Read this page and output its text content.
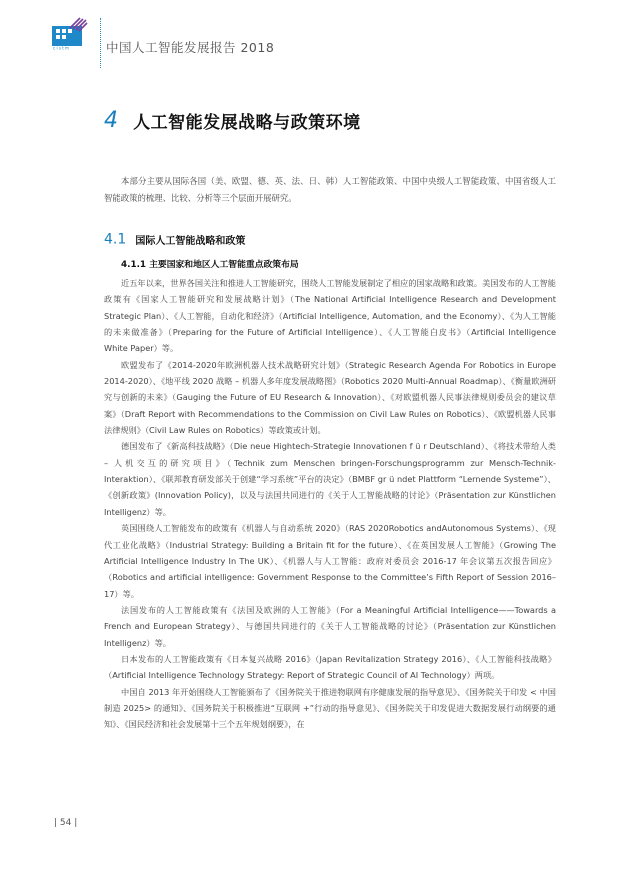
c i s t m	中国人工智能发展报告 2018
4 人工智能发展战略与政策环境

本部分主要从国际各国（美、欧盟、德、英、法、日、韩）人工智能政策、中国中央级人工智能政策、中国省级人工智能政策的梳理、比较、分析等三个层面开展研究。

4.1 国际人工智能战略和政策
4.1.1 主要国家和地区人工智能重点政策布局

近五年以来，世界各国关注和推进人工智能研究，围绕人工智能发展制定了相应的国家战略和政策。美国发布的人工智能政策有《国家人工智能研究和发展战略计划》（The National Artificial Intelligence Research and Development Strategic Plan）、《人工智能，自动化和经济》（Artificial Intelligence, Automation, and the Economy）、《为人工智能的未来做准备》（Preparing for the Future of Artificial Intelligence）、《人工智能白皮书》（Artificial Intelligence White Paper）等。

欧盟发布了《2014-2020年欧洲机器人技术战略研究计划》（Strategic Research Agenda For Robotics in Europe 2014-2020）、《地平线 2020 战略 – 机器人多年度发展战略图》（Robotics 2020 Multi-Annual Roadmap）、《衡量欧洲研究与创新的未来》（Gauging the Future of EU Research & Innovation）、《对欧盟机器人民事法律规则委员会的建议草案》（Draft Report with Recommendations to the Commission on Civil Law Rules on Robotics）、《欧盟机器人民事法律规则》（Civil Law Rules on Robotics）等政策或计划。

德国发布了《新高科技战略》（Die neue Hightech-Strategie Innovationen f ü r Deutschland）、《将技术带给人类 – 人机交互的研究项目》（Technik zum Menschen bringen-Forschungsprogramm zur Mensch-Technik-Interaktion）、《联邦教育研发部关于创建“学习系统”平台的决定》（BMBF gr ü ndet Plattform “Lernende Systeme”）、《创新政策》(Innovation Policy)，以及与法国共同进行的《关于人工智能战略的讨论》（Präsentation zur Künstlichen Intelligenz）等。

英国围绕人工智能发布的政策有《机器人与自动系统 2020》（RAS 2020Robotics andAutonomous Systems）、《现代工业化战略》（Industrial Strategy: Building a Britain fit for the future）、《在英国发展人工智能》（Growing The Artificial Intelligence Industry In The UK）、《机器人与人工智能：政府对委员会 2016-17 年会议第五次报告回应》（Robotics and artificial intelligence: Government Response to the Committee’s Fifth Report of Session 2016–17）等。

法国发布的人工智能政策有《法国及欧洲的人工智能》（For a Meaningful Artificial Intelligence——Towards a French and European Strategy）、与德国共同进行的《关于人工智能战略的讨论》（Präsentation zur Künstlichen Intelligenz）等。

日本发布的人工智能政策有《日本复兴战略 2016》（Japan Revitalization Strategy 2016）、《人工智能科技战略》（Artificial Intelligence Technology Strategy: Report of Strategic Council of AI Technology）两项。

中国自 2013 年开始围绕人工智能颁布了《国务院关于推进物联网有序健康发展的指导意见》、《国务院关于印发 < 中国制造 2025> 的通知》、《国务院关于积极推进“互联网 +”行动的指导意见》、《国务院关于印发促进大数据发展行动纲要的通知》、《国民经济和社会发展第十三个五年规划纲要》，在

| 54 |
